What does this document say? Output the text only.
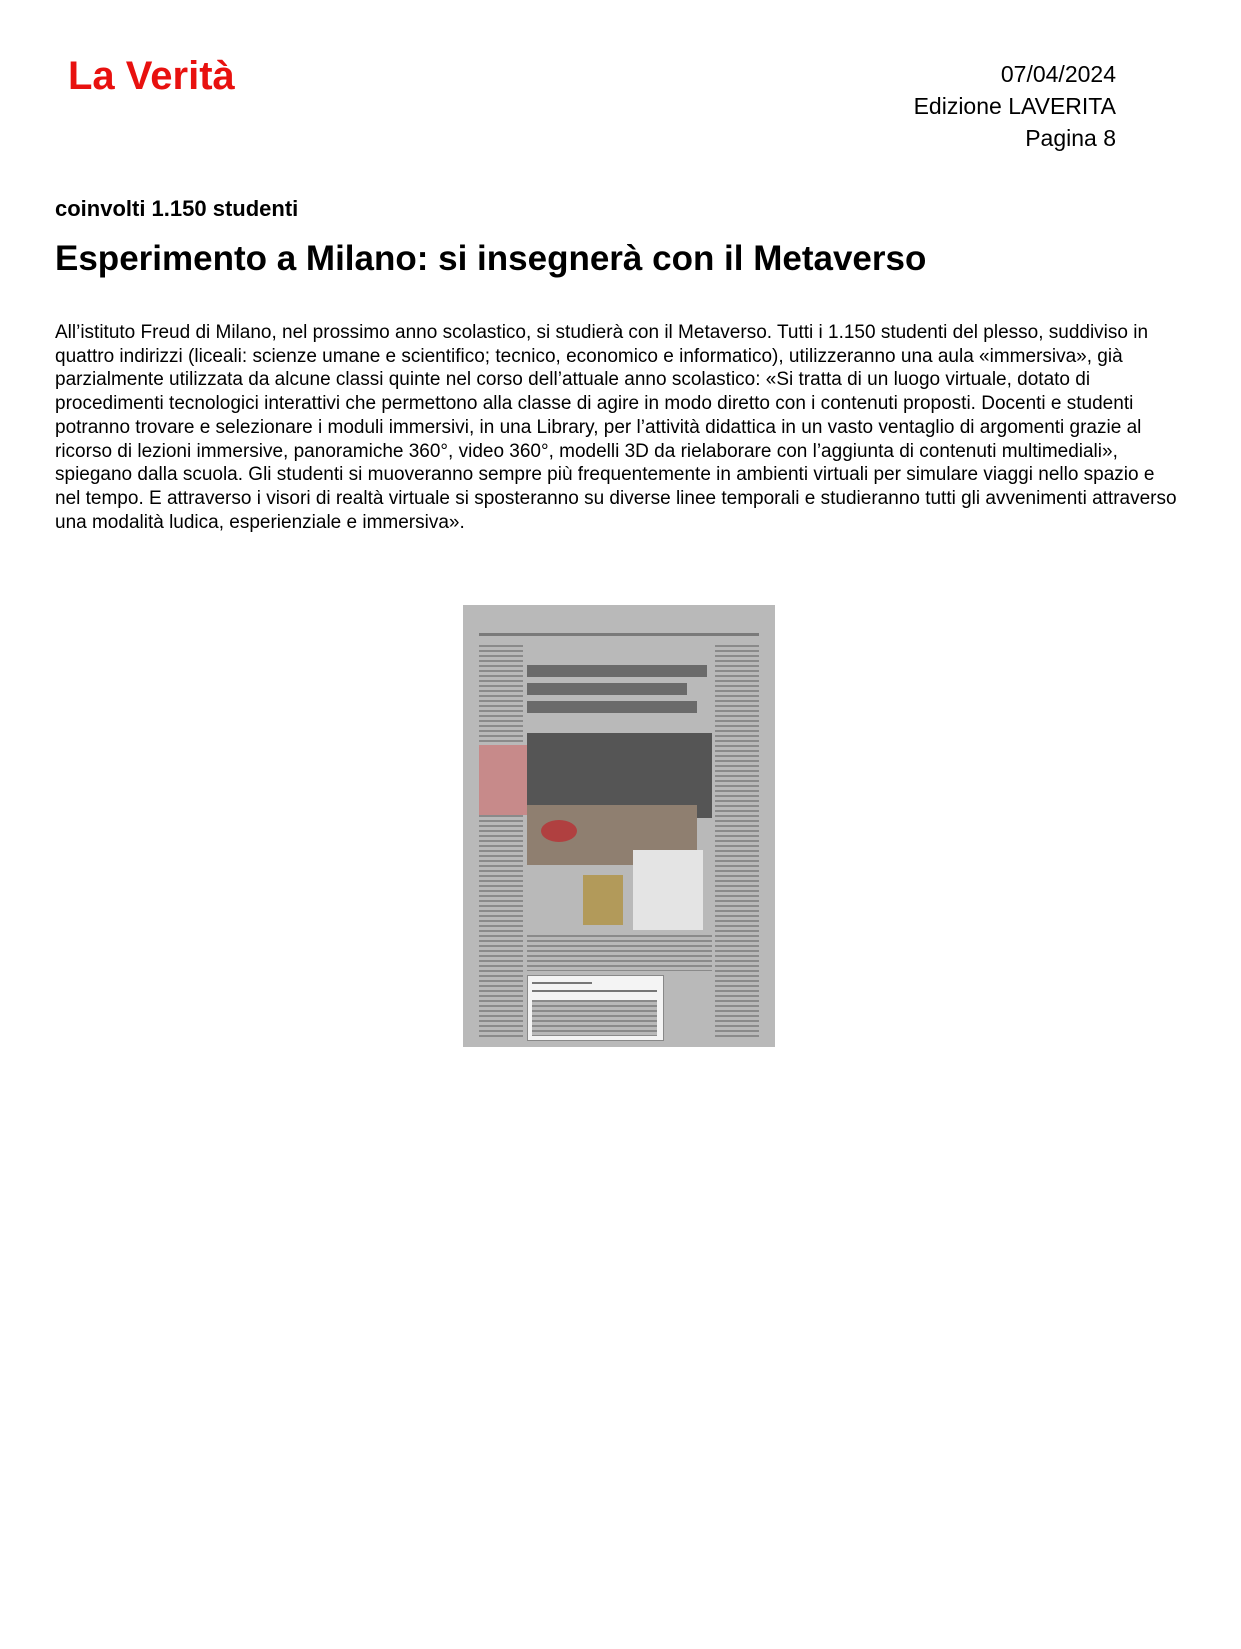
La Verità	07/04/2024
Edizione LAVERITA
Pagina 8
coinvolti 1.150 studenti
Esperimento a Milano: si insegnerà con il Metaverso

All’istituto Freud di Milano, nel prossimo anno scolastico, si studierà con il Metaverso. Tutti i 1.150 studenti del plesso, suddiviso in quattro indirizzi (liceali: scienze umane e scientifico; tecnico, economico e informatico), utilizzeranno una aula «immersiva», già parzialmente utilizzata da alcune classi quinte nel corso dell’attuale anno scolastico: «Si tratta di un luogo virtuale, dotato di procedimenti tecnologici interattivi che permettono alla classe di agire in modo diretto con i contenuti proposti. Docenti e studenti potranno trovare e selezionare i moduli immersivi, in una Library, per l’attività didattica in un vasto ventaglio di argomenti grazie al ricorso di lezioni immersive, panoramiche 360°, video 360°, modelli 3D da rielaborare con l’aggiunta di contenuti multimediali», spiegano dalla scuola. Gli studenti si muoveranno sempre più frequentemente in ambienti virtuali per simulare viaggi nello spazio e nel tempo. E attraverso i visori di realtà virtuale si sposteranno su diverse linee temporali e studieranno tutti gli avvenimenti attraverso una modalità ludica, esperienziale e immersiva».
